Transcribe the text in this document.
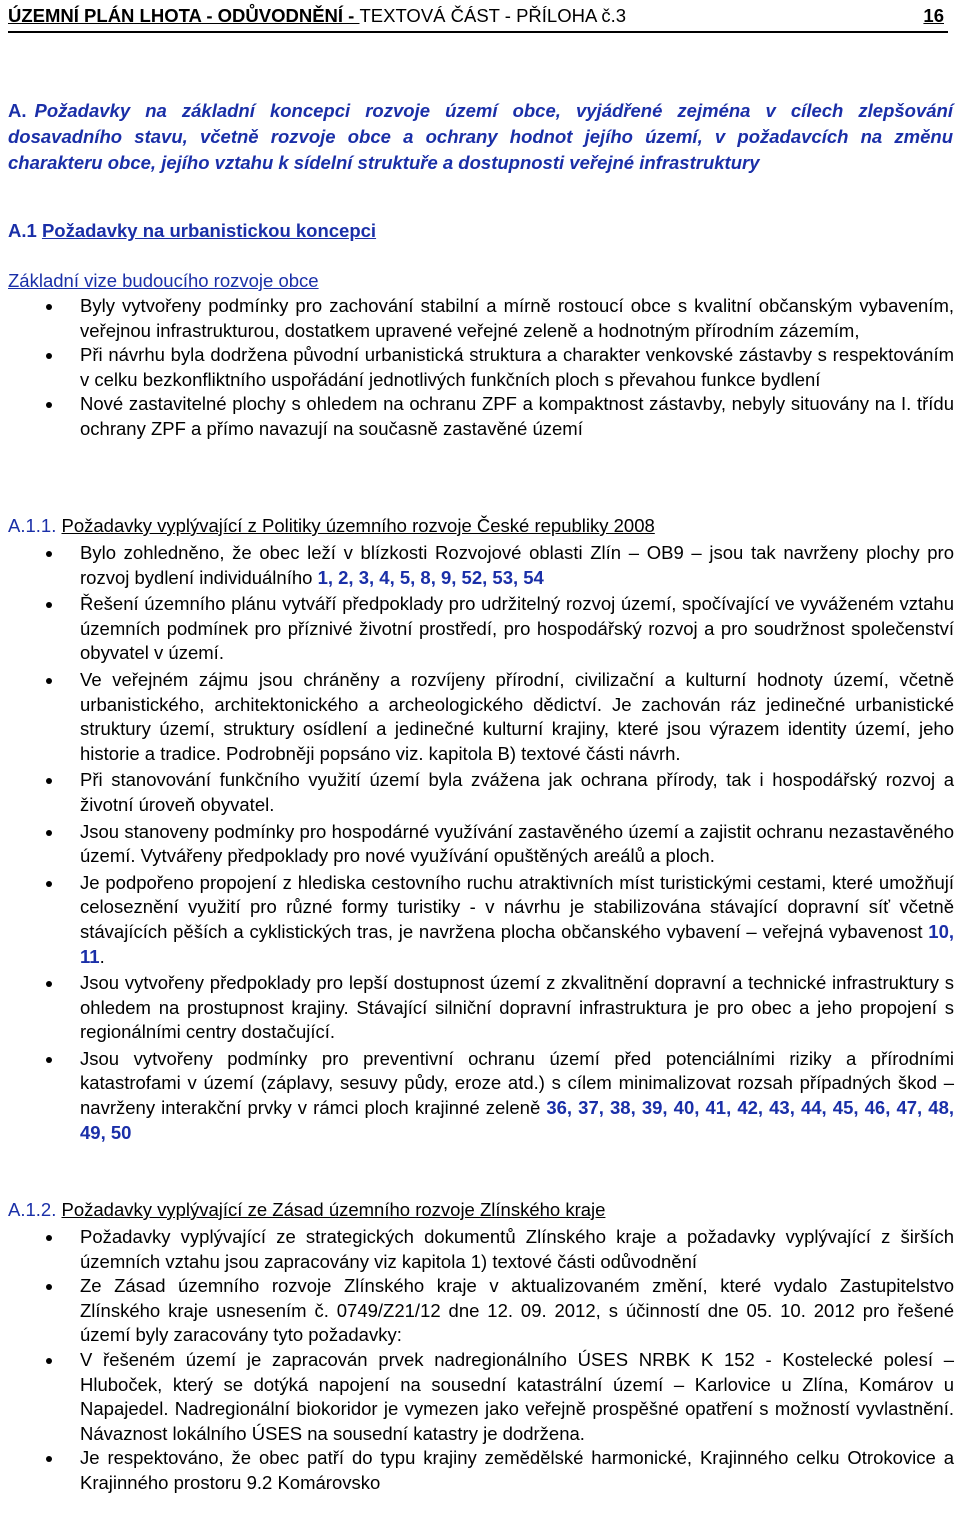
ÚZEMNÍ PLÁN LHOTA - ODŮVODNĚNÍ - TEXTOVÁ ČÁST - PŘÍLOHA č.3	16
A. Požadavky na základní koncepci rozvoje území obce, vyjádřené zejména v cílech zlepšování dosavadního stavu, včetně rozvoje obce a ochrany hodnot jejího území, v požadavcích na změnu charakteru obce, jejího vztahu k sídelní struktuře a dostupnosti veřejné infrastruktury
A.1 Požadavky na urbanistickou koncepci
Základní vize budoucího rozvoje obce
Byly vytvořeny podmínky pro zachování stabilní a mírně rostoucí obce s kvalitní občanským vybavením, veřejnou infrastrukturou, dostatkem upravené veřejné zeleně a hodnotným přírodním zázemím,
Při návrhu byla dodržena původní urbanistická struktura a charakter venkovské zástavby s respektováním v celku bezkonfliktního uspořádání jednotlivých funkčních ploch s převahou funkce bydlení
Nové zastavitelné plochy s ohledem na ochranu ZPF a kompaktnost zástavby, nebyly situovány na I. třídu ochrany ZPF a přímo navazují na současně zastavěné území
A.1.1. Požadavky vyplývající z Politiky územního rozvoje České republiky 2008
Bylo zohledněno, že obec leží v blízkosti Rozvojové oblasti Zlín – OB9 – jsou tak navrženy plochy pro rozvoj bydlení individuálního 1, 2, 3, 4, 5, 8, 9, 52, 53, 54
Řešení územního plánu vytváří předpoklady pro udržitelný rozvoj území, spočívající ve vyváženém vztahu územních podmínek pro příznivé životní prostředí, pro hospodářský rozvoj a pro soudržnost společenství obyvatel v území.
Ve veřejném zájmu jsou chráněny a rozvíjeny přírodní, civilizační a kulturní hodnoty území, včetně urbanistického, architektonického a archeologického dědictví. Je zachován ráz jedinečné urbanistické struktury území, struktury osídlení a jedinečné kulturní krajiny, které jsou výrazem identity území, jeho historie a tradice. Podrobněji popsáno viz. kapitola B) textové části návrh.
Při stanovování funkčního využití území byla zvážena jak ochrana přírody, tak i hospodářský rozvoj a životní úroveň obyvatel.
Jsou stanoveny podmínky pro hospodárné využívání zastavěného území a zajistit ochranu nezastavěného území. Vytvářeny předpoklady pro nové využívání opuštěných areálů a ploch.
Je podpořeno propojení z hlediska cestovního ruchu atraktivních míst turistickými cestami, které umožňují celoseznění využití pro různé formy turistiky - v návrhu je stabilizována stávající dopravní síť včetně stávajících pěších a cyklistických tras, je navržena plocha občanského vybavení – veřejná vybavenost 10, 11.
Jsou vytvořeny předpoklady pro lepší dostupnost území z zkvalitnění dopravní a technické infrastruktury s ohledem na prostupnost krajiny. Stávající silniční dopravní infrastruktura je pro obec a jeho propojení s regionálními centry dostačující.
Jsou vytvořeny podmínky pro preventivní ochranu území před potenciálními riziky a přírodními katastrofami v území (záplavy, sesuvy půdy, eroze atd.) s cílem minimalizovat rozsah případných škod – navrženy interakční prvky v rámci ploch krajinné zeleně 36, 37, 38, 39, 40, 41, 42, 43, 44, 45, 46, 47, 48, 49, 50
A.1.2. Požadavky vyplývající ze Zásad územního rozvoje Zlínského kraje
Požadavky vyplývající ze strategických dokumentů Zlínského kraje a požadavky vyplývající z širších územních vztahu jsou zapracovány viz kapitola 1) textové části odůvodnění
Ze Zásad územního rozvoje Zlínského kraje v aktualizovaném změní, které vydalo Zastupitelstvo Zlínského kraje usnesením č. 0749/Z21/12 dne 12. 09. 2012, s účinností dne 05. 10. 2012 pro řešené území byly zaracovány tyto požadavky:
V řešeném území je zapracován prvek nadregionálního ÚSES NRBK K 152 - Kostelecké polesí – Hluboček, který se dotýká napojení na sousední katastrální území – Karlovice u Zlína, Komárov u Napajedel. Nadregionální biokoridor je vymezen jako veřejně prospěšné opatření s možností vyvlastnění. Návaznost lokálního ÚSES na sousední katastry je dodržena.
Je respektováno, že obec patří do typu krajiny zemědělské harmonické, Krajinného celku Otrokovice a Krajinného prostoru 9.2 Komárovsko
